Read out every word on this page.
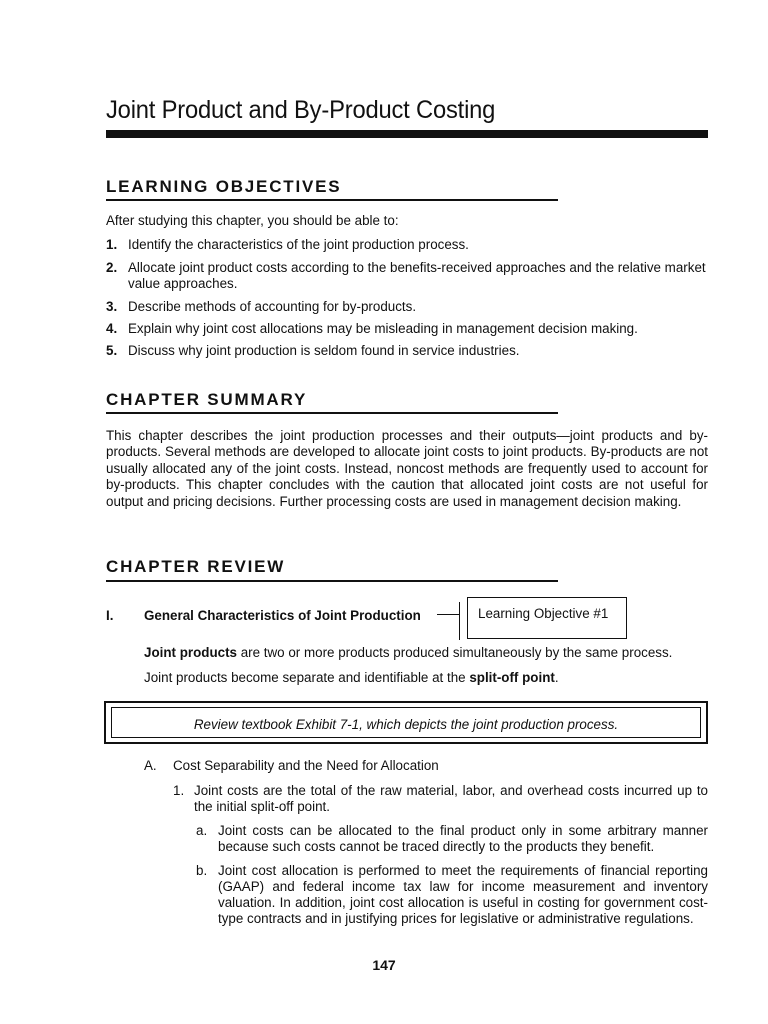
Joint Product and By-Product Costing
LEARNING OBJECTIVES
After studying this chapter, you should be able to:
1. Identify the characteristics of the joint production process.
2. Allocate joint product costs according to the benefits-received approaches and the relative market value approaches.
3. Describe methods of accounting for by-products.
4. Explain why joint cost allocations may be misleading in management decision making.
5. Discuss why joint production is seldom found in service industries.
CHAPTER SUMMARY
This chapter describes the joint production processes and their outputs—joint products and by-products. Several methods are developed to allocate joint costs to joint products. By-products are not usually allocated any of the joint costs. Instead, noncost methods are frequently used to account for by-products. This chapter concludes with the caution that allocated joint costs are not useful for output and pricing decisions. Further processing costs are used in management decision making.
CHAPTER REVIEW
I. General Characteristics of Joint Production	Learning Objective #1
Joint products are two or more products produced simultaneously by the same process.
Joint products become separate and identifiable at the split-off point.
Review textbook Exhibit 7-1, which depicts the joint production process.
A. Cost Separability and the Need for Allocation
1. Joint costs are the total of the raw material, labor, and overhead costs incurred up to the initial split-off point.
a. Joint costs can be allocated to the final product only in some arbitrary manner because such costs cannot be traced directly to the products they benefit.
b. Joint cost allocation is performed to meet the requirements of financial reporting (GAAP) and federal income tax law for income measurement and inventory valuation. In addition, joint cost allocation is useful in costing for government cost-type contracts and in justifying prices for legislative or administrative regulations.
147
